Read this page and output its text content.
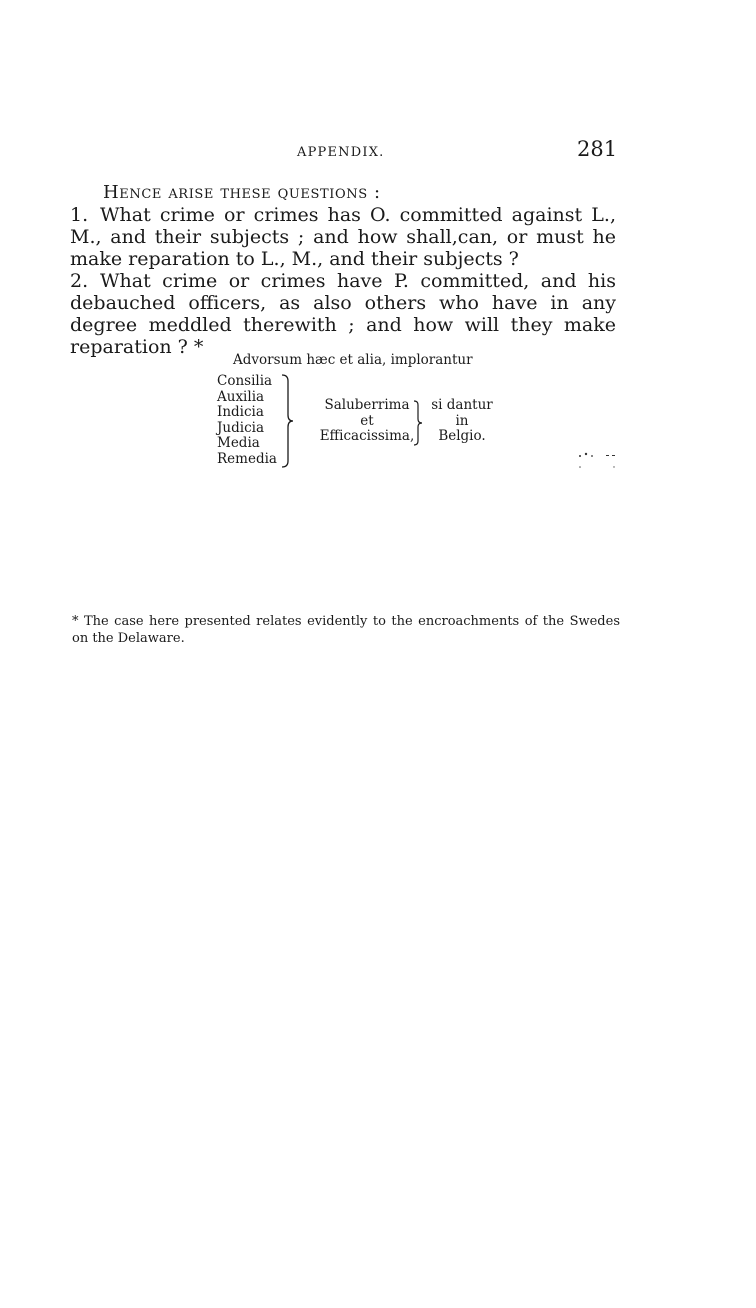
APPENDIX.	281
Hence arise these questions :
1. What crime or crimes has O. committed against L., M., and their subjects ; and how shall,can, or must he make reparation to L., M., and their subjects ?
2. What crime or crimes have P. committed, and his debauched officers, as also others who have in any degree meddled therewith ; and how will they make reparation ? *
Advorsum hæc et alia, implorantur
Consilia
Auxilia
Indicia
Judicia
Media
Remedia
Saluberrima
et
Efficacissima,
si dantur
in
Belgio.
* The case here presented relates evidently to the encroachments of the Swedes on the Delaware.
